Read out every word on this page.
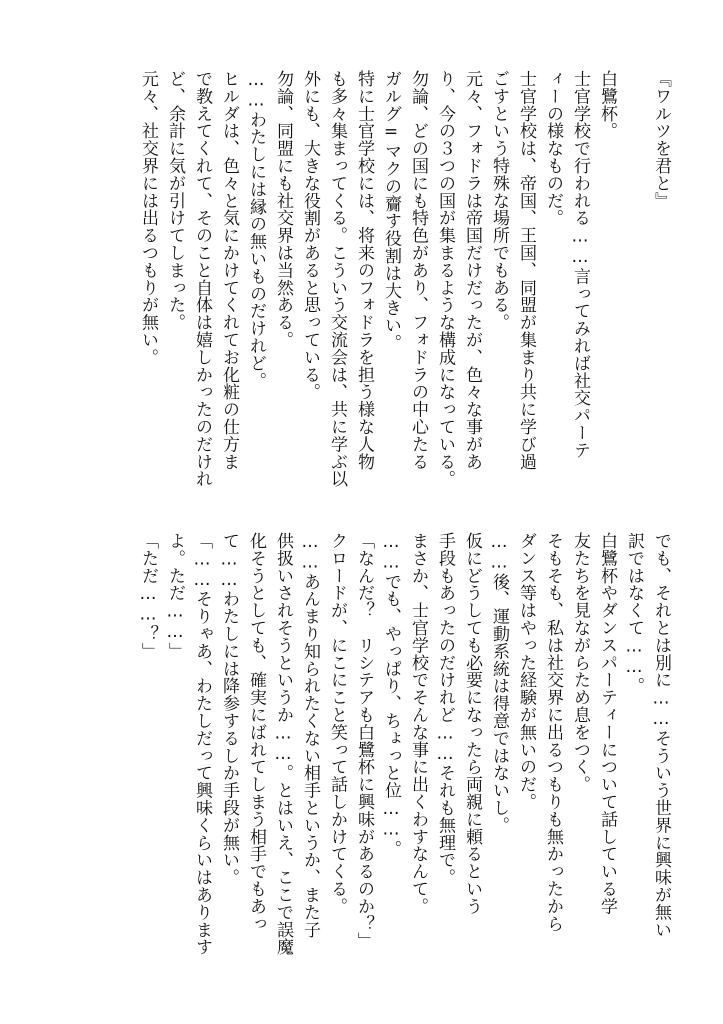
『ワルツを君と』
白鷺杯。
士官学校で行われる……言ってみれば社交パーテ
ィーの様なものだ。
士官学校は、帝国、王国、同盟が集まり共に学び過
ごすという特殊な場所でもある。
元々、フォドラは帝国だけだったが、色々な事があ
り、今の３つの国が集まるような構成になっている。
勿論、どの国にも特色があり、フォドラの中心たる
ガルグ=マクの齎す役割は大きい。
特に士官学校には、将来のフォドラを担う様な人物
も多々集まってくる。こういう交流会は、共に学ぶ以
外にも、大きな役割があると思っている。
勿論、同盟にも社交界は当然ある。
……わたしには縁の無いものだけれど。
ヒルダは、色々と気にかけてくれてお化粧の仕方ま
で教えてくれて、そのこと自体は嬉しかったのだけれ
ど、余計に気が引けてしまった。
元々、社交界には出るつもりが無い。
でも、それとは別に……そういう世界に興味が無い
訳ではなくて……。
白鷺杯やダンスパーティーについて話している学
友たちを見ながらため息をつく。
そもそも、私は社交界に出るつもりも無かったから
ダンス等はやった経験が無いのだ。
……後、運動系統は得意ではないし。
仮にどうしても必要になったら両親に頼るという
手段もあったのだけれど……それも無理で。
まさか、士官学校でそんな事に出くわすなんて。
……でも、やっぱり、ちょっと位……。
「なんだ？　リシテアも白鷺杯に興味があるのか？」
クロードが、にこにこと笑って話しかけてくる。
……あんまり知られたくない相手というか、また子
供扱いされそうというか……。とはいえ、ここで誤魔
化そうとしても、確実にばれてしまう相手でもあっ
て……わたしには降参するしか手段が無い。
「……そりゃあ、わたしだって興味くらいはあります
よ。ただ……」
「ただ……？」
